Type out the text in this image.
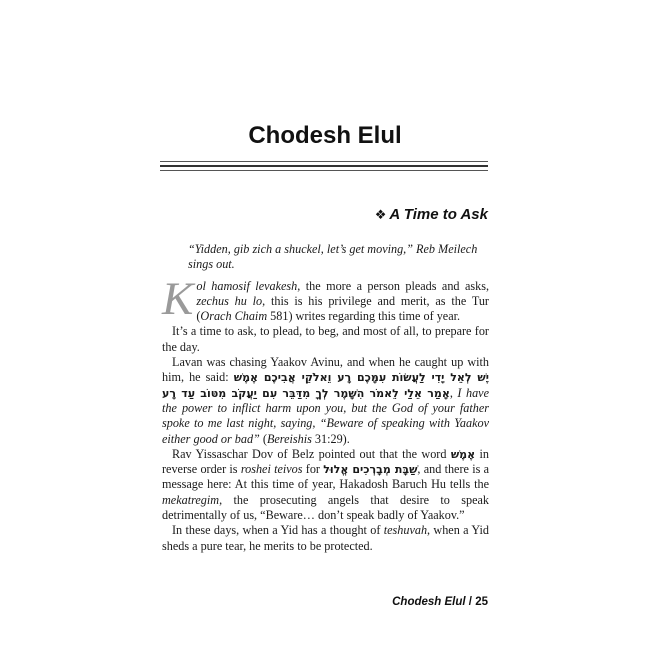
Chodesh Elul
❖ A Time to Ask
“Yidden, gib zich a shuckel, let’s get moving,” Reb Meilech sings out.

Kol hamosif levakesh, the more a person pleads and asks, zechus hu lo, this is his privilege and merit, as the Tur (Orach Chaim 581) writes regarding this time of year.

It’s a time to ask, to plead, to beg, and most of all, to prepare for the day.

Lavan was chasing Yaakov Avinu, and when he caught up with him, he said: יֶשׁ לְאֵל יָדִי לַעֲשׂוֹת עִמָּכֶם רָע וֵאלֹקֵי אֲבִיכֶם אֶמֶשׁ אָמַר אֵלַי לֵאמֹר הִשָּׁמֶר לְךָ מִדַּבֵּר עִם יַעֲקֹב מִטּוֹב עַד רָע, I have the power to inflict harm upon you, but the God of your father spoke to me last night, saying, “Beware of speaking with Yaakov either good or bad” (Bereishis 31:29).

Rav Yissaschar Dov of Belz pointed out that the word אֶמֶשׁ in reverse order is roshei teivos for שַׁבָּת מְבָרְכִים אֱלוּל, and there is a message here: At this time of year, Hakadosh Baruch Hu tells the mekatregim, the prosecuting angels that desire to speak detrimentally of us, “Beware… don’t speak badly of Yaakov.”

In these days, when a Yid has a thought of teshuvah, when a Yid sheds a pure tear, he merits to be protected.

Chodesh Elul / 25
